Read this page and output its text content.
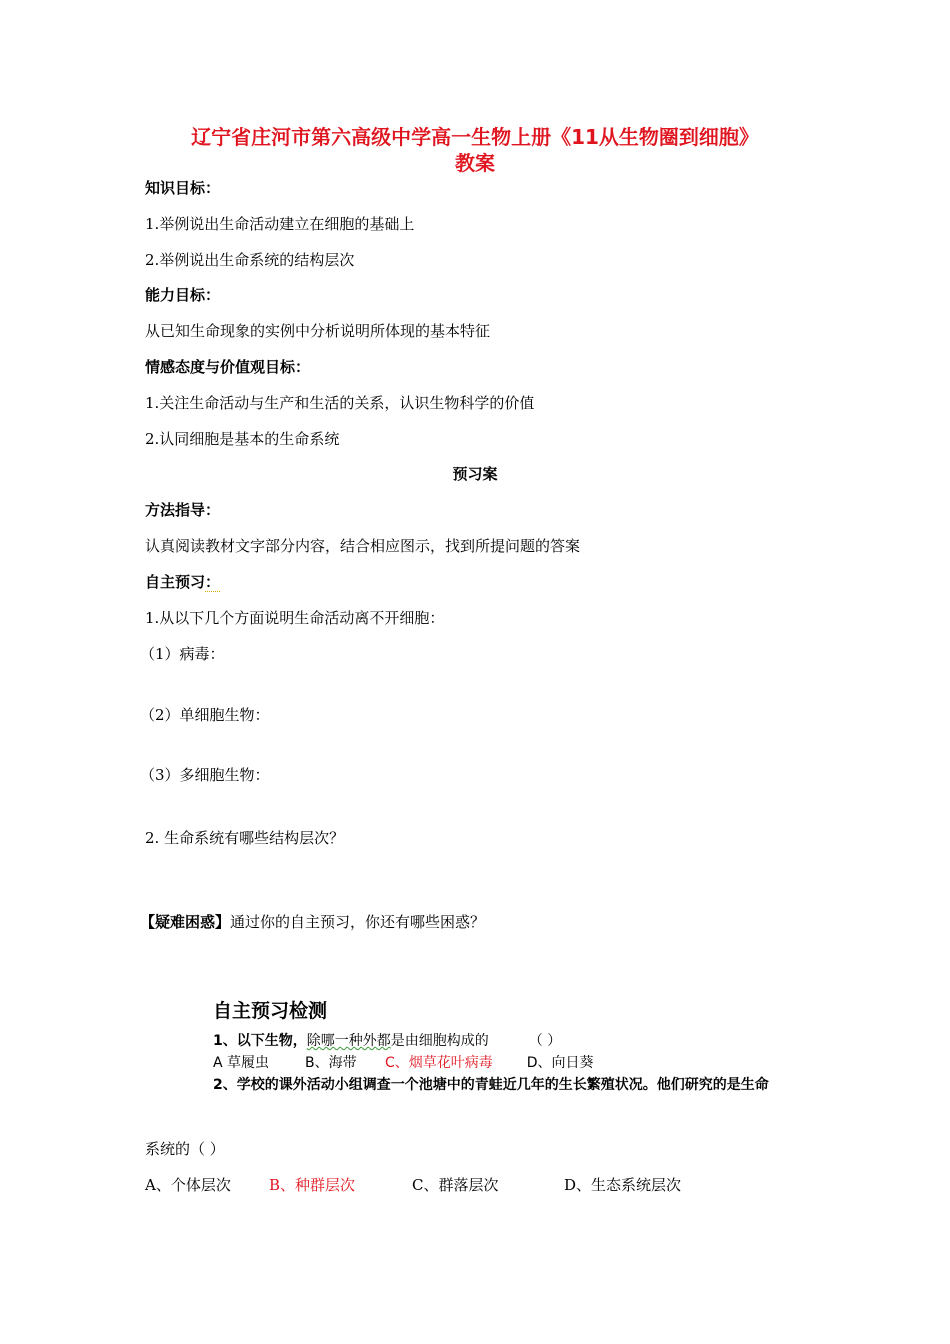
辽宁省庄河市第六高级中学高一生物上册《11从生物圈到细胞》
教案
知识目标：
1.举例说出生命活动建立在细胞的基础上
2.举例说出生命系统的结构层次
能力目标：
从已知生命现象的实例中分析说明所体现的基本特征
情感态度与价值观目标：
1.关注生命活动与生产和生活的关系，认识生物科学的价值
2.认同细胞是基本的生命系统
预习案
方法指导：
认真阅读教材文字部分内容，结合相应图示，找到所提问题的答案
自主预习：
1.从以下几个方面说明生命活动离不开细胞：
（1）病毒：
（2）单细胞生物：
（3）多细胞生物：
2. 生命系统有哪些结构层次？
【疑难困惑】通过你的自主预习，你还有哪些困惑？
自主预习检测
1、以下生物，除哪一种外都是由细胞构成的	（ ）
A 草履虫	B、海带 C、烟草花叶病毒 D、向日葵
2、学校的课外活动小组调查一个池塘中的青蛙近几年的生长繁殖状况。他们研究的是生命
系统的（ ）
A、个体层次	B、种群层次	C、群落层次	D、生态系统层次
